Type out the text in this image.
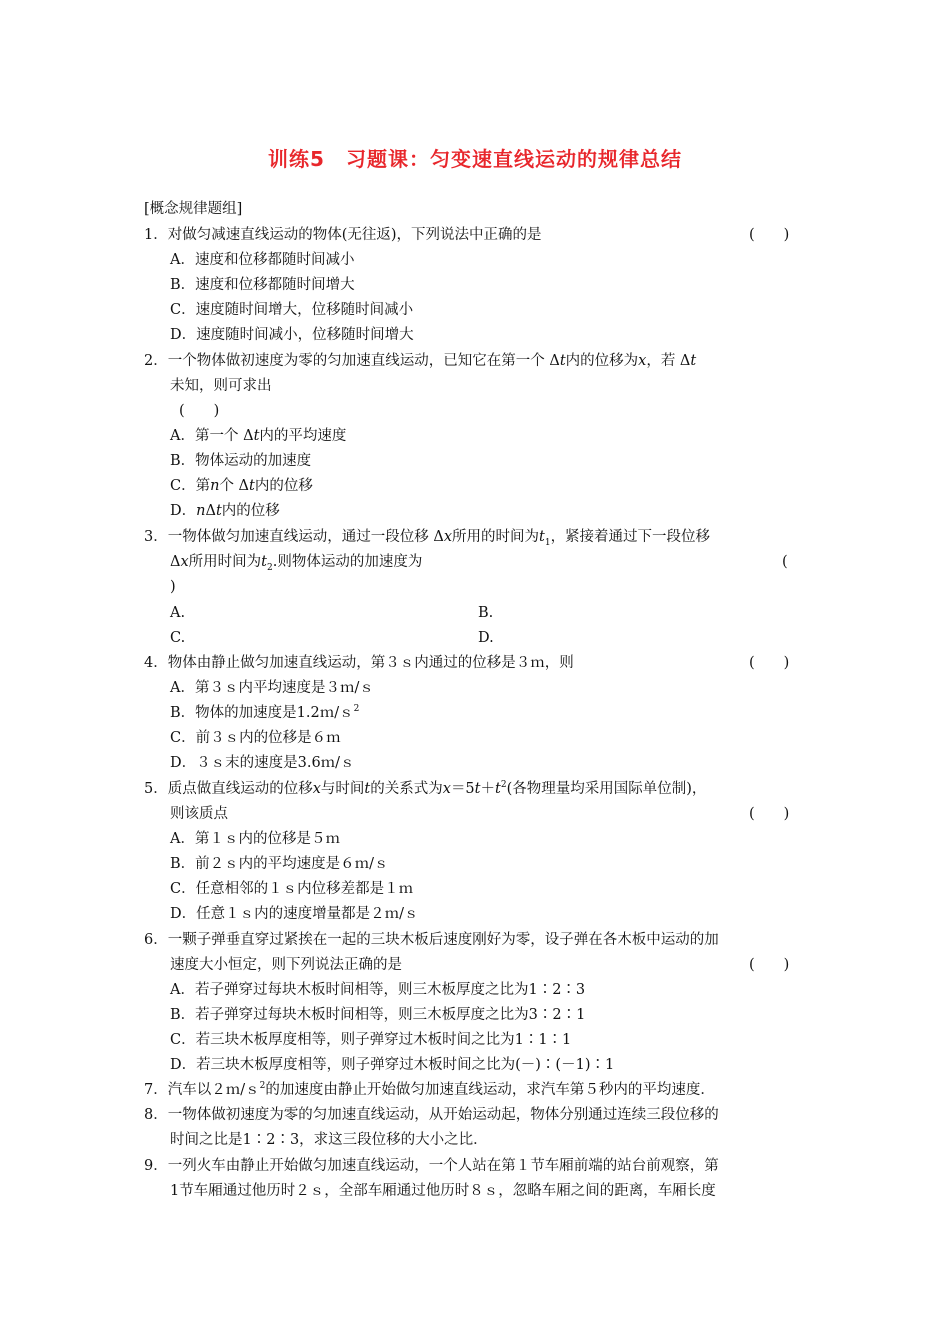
训练5　习题课：匀变速直线运动的规律总结
[概念规律题组]
1．对做匀减速直线运动的物体(无往返)，下列说法中正确的是	(　　)
A．速度和位移都随时间减小
B．速度和位移都随时间增大
C．速度随时间增大，位移随时间减小
D．速度随时间减小，位移随时间增大
2．一个物体做初速度为零的匀加速直线运动，已知它在第一个 Δt内的位移为x，若 Δt
未知，则可求出
(　　)
A．第一个 Δt内的平均速度
B．物体运动的加速度
C．第n个 Δt内的位移
D．nΔt内的位移
3．一物体做匀加速直线运动，通过一段位移 Δx所用的时间为$t_1$，紧接着通过下一段位移
Δx所用时间为$t_2$.则物体运动的加速度为	(
)
A.	B.
C.	D.
4．物体由静止做匀加速直线运动，第３ｓ内通过的位移是３ｍ，则	(　　)
A．第３ｓ内平均速度是３ｍ/ｓ
B．物体的加速度是1.2ｍ/ｓ$^2$
C．前３ｓ内的位移是６ｍ
D．３ｓ末的速度是3.6ｍ/ｓ
5．质点做直线运动的位移x与时间t的关系式为$x=5t+t^2$(各物理量均采用国际单位制)，
则该质点	(　　)
A．第１ｓ内的位移是５ｍ
B．前２ｓ内的平均速度是６ｍ/ｓ
C．任意相邻的１ｓ内位移差都是１ｍ
D．任意１ｓ内的速度增量都是２ｍ/ｓ
6．一颗子弹垂直穿过紧挨在一起的三块木板后速度刚好为零，设子弹在各木板中运动的加
速度大小恒定，则下列说法正确的是	(　　)
A．若子弹穿过每块木板时间相等，则三木板厚度之比为1∶2∶3
B．若子弹穿过每块木板时间相等，则三木板厚度之比为3∶2∶1
C．若三块木板厚度相等，则子弹穿过木板时间之比为1∶1∶1
D．若三块木板厚度相等，则子弹穿过木板时间之比为(－)∶(－1)∶1
7．汽车以２ｍ/ｓ$^2$的加速度由静止开始做匀加速直线运动，求汽车第５秒内的平均速度．
8．一物体做初速度为零的匀加速直线运动，从开始运动起，物体分别通过连续三段位移的
时间之比是1∶2∶3，求这三段位移的大小之比．
9．一列火车由静止开始做匀加速直线运动，一个人站在第１节车厢前端的站台前观察，第
1节车厢通过他历时２ｓ，全部车厢通过他历时８ｓ，忽略车厢之间的距离，车厢长度
